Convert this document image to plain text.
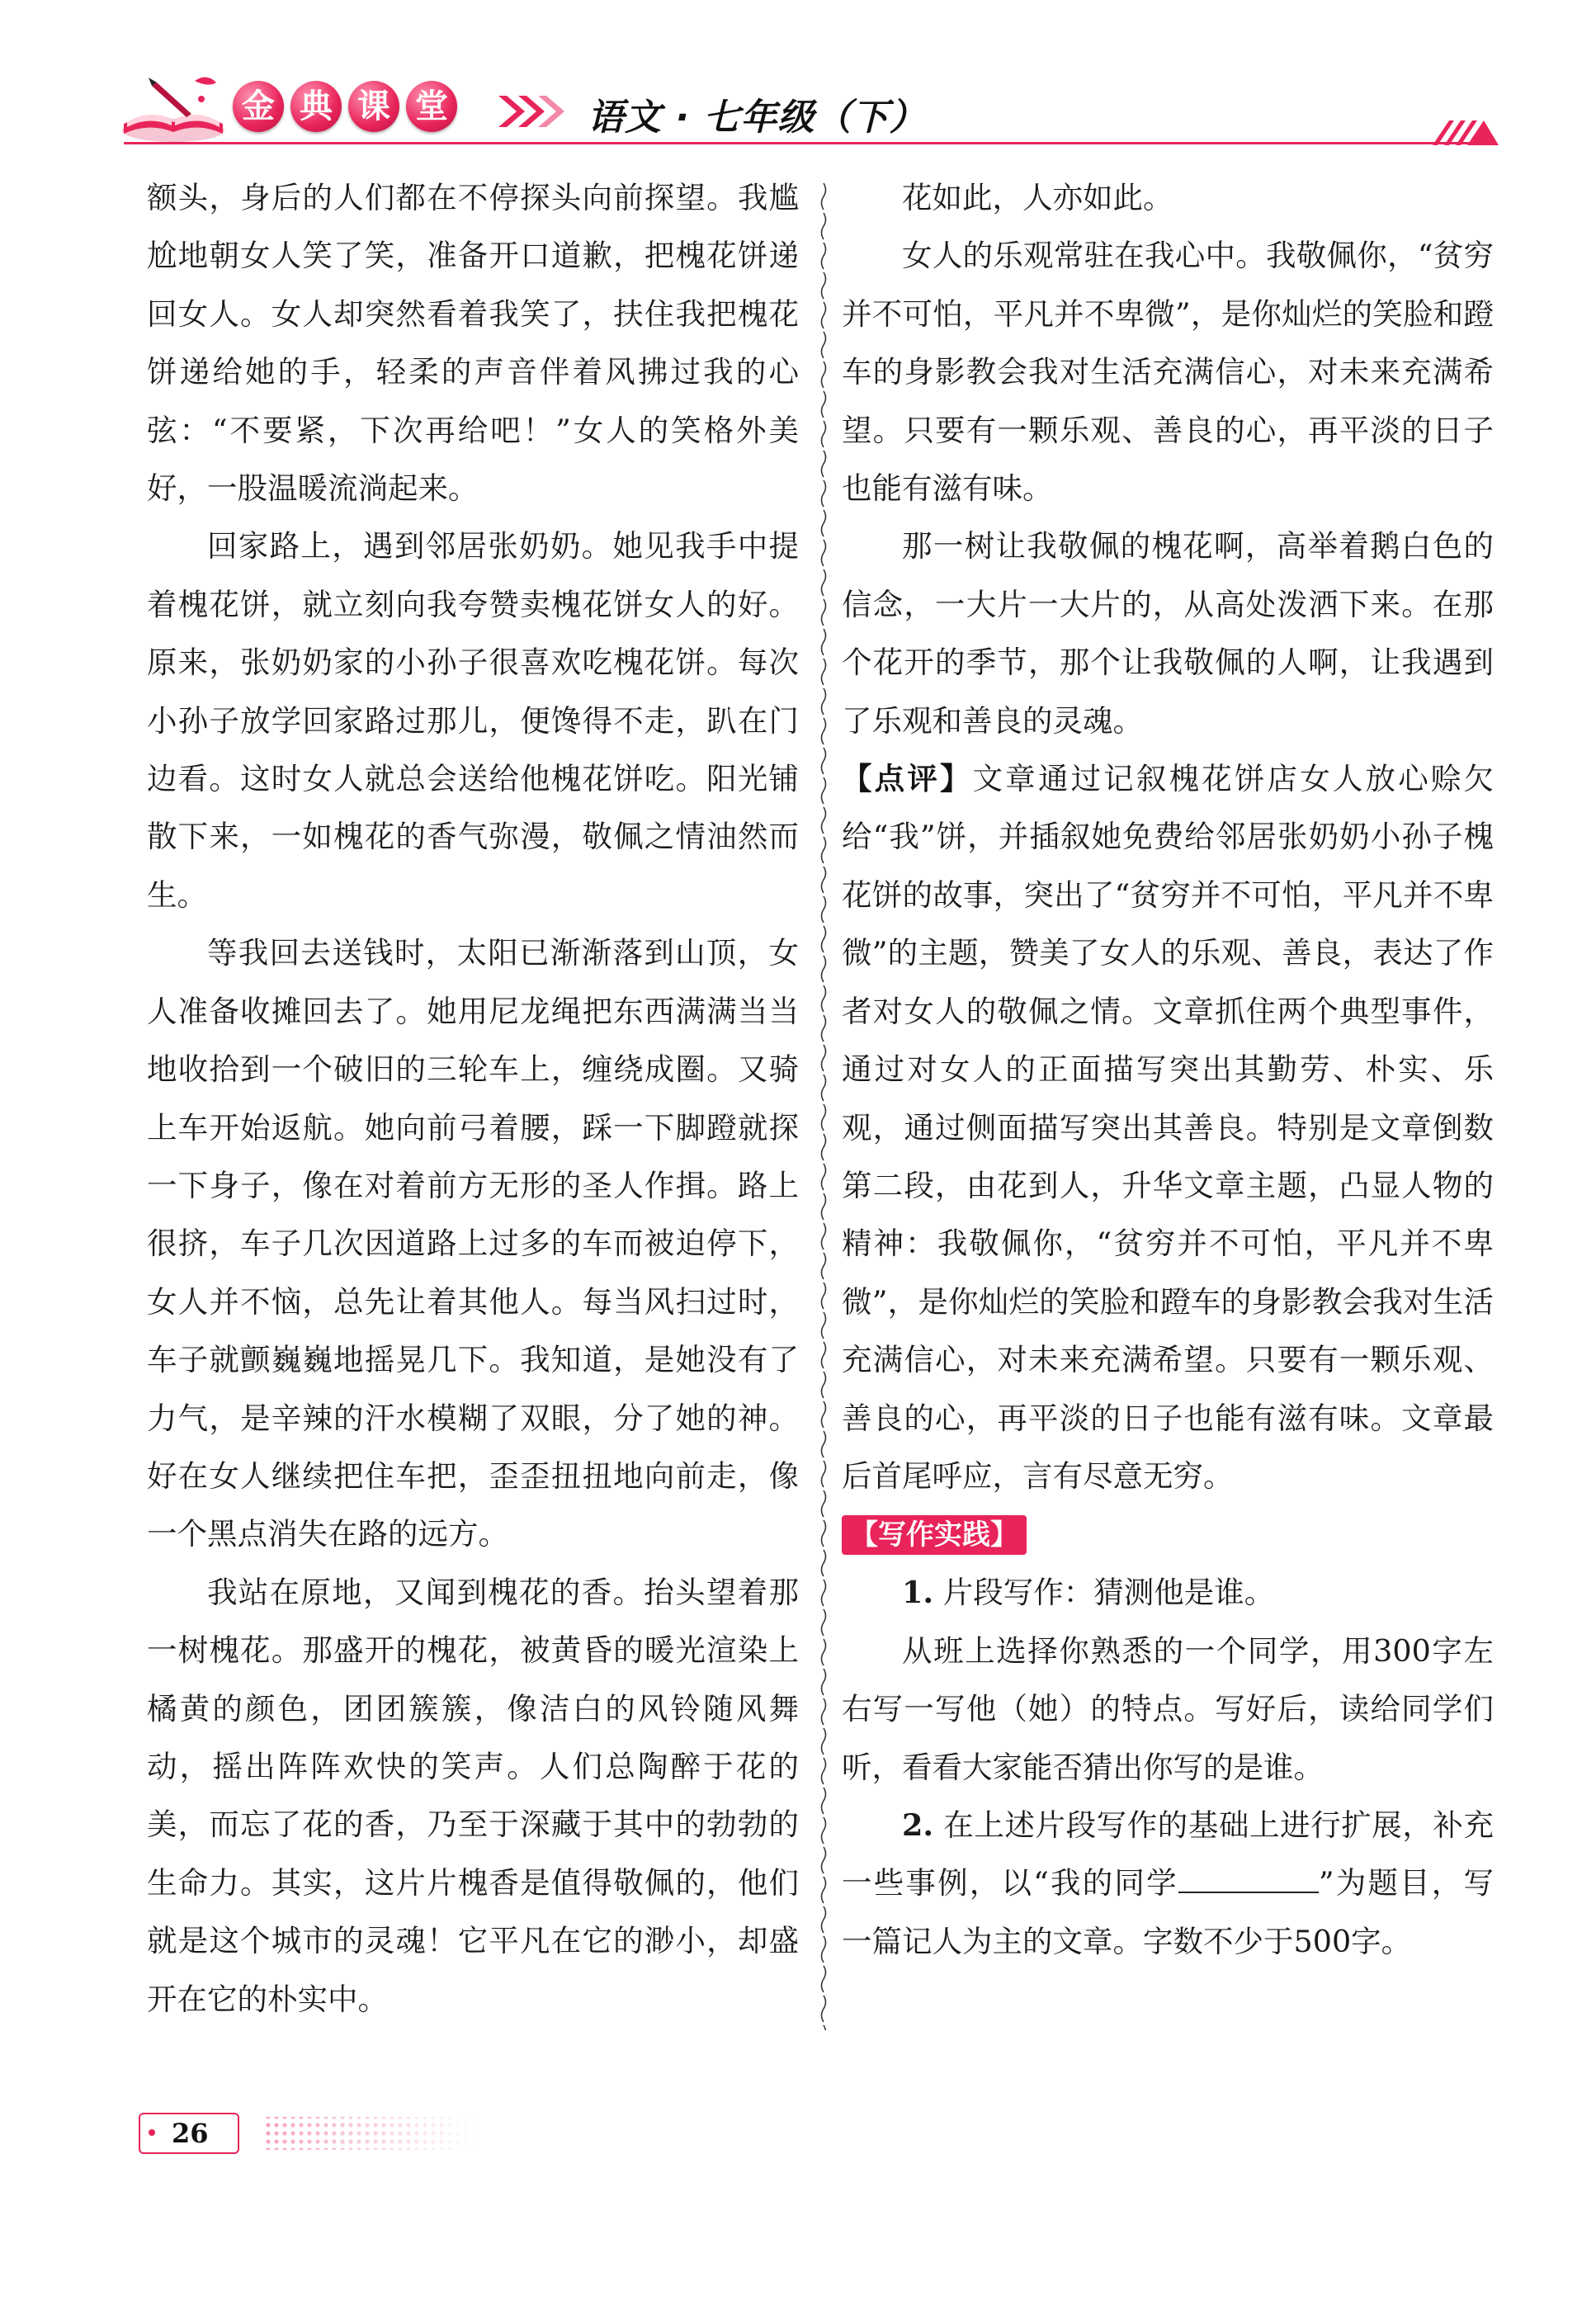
金 典 课 堂	语文 · 七年级（下）

额头，身后的人们都在不停探头向前探望。我尴尬地朝女人笑了笑，准备开口道歉，把槐花饼递回女人。女人却突然看着我笑了，扶住我把槐花饼递给她的手，轻柔的声音伴着风拂过我的心弦：“不要紧，下次再给吧！”女人的笑格外美好，一股温暖流淌起来。

回家路上，遇到邻居张奶奶。她见我手中提着槐花饼，就立刻向我夸赞卖槐花饼女人的好。原来，张奶奶家的小孙子很喜欢吃槐花饼。每次小孙子放学回家路过那儿，便馋得不走，趴在门边看。这时女人就总会送给他槐花饼吃。阳光铺散下来，一如槐花的香气弥漫，敬佩之情油然而生。

等我回去送钱时，太阳已渐渐落到山顶，女人准备收摊回去了。她用尼龙绳把东西满满当当地收拾到一个破旧的三轮车上，缠绕成圈。又骑上车开始返航。她向前弓着腰，踩一下脚蹬就探一下身子，像在对着前方无形的圣人作揖。路上很挤，车子几次因道路上过多的车而被迫停下，女人并不恼，总先让着其他人。每当风扫过时，车子就颤巍巍地摇晃几下。我知道，是她没有了力气，是辛辣的汗水模糊了双眼，分了她的神。好在女人继续把住车把，歪歪扭扭地向前走，像一个黑点消失在路的远方。

我站在原地，又闻到槐花的香。抬头望着那一树槐花。那盛开的槐花，被黄昏的暖光渲染上橘黄的颜色，团团簇簇，像洁白的风铃随风舞动，摇出阵阵欢快的笑声。人们总陶醉于花的美，而忘了花的香，乃至于深藏于其中的勃勃的生命力。其实，这片片槐香是值得敬佩的，他们就是这个城市的灵魂！它平凡在它的渺小，却盛开在它的朴实中。

花如此，人亦如此。

女人的乐观常驻在我心中。我敬佩你，“贫穷并不可怕，平凡并不卑微”，是你灿烂的笑脸和蹬车的身影教会我对生活充满信心，对未来充满希望。只要有一颗乐观、善良的心，再平淡的日子也能有滋有味。

那一树让我敬佩的槐花啊，高举着鹅白色的信念，一大片一大片的，从高处泼洒下来。在那个花开的季节，那个让我敬佩的人啊，让我遇到了乐观和善良的灵魂。

【点评】文章通过记叙槐花饼店女人放心赊欠给“我”饼，并插叙她免费给邻居张奶奶小孙子槐花饼的故事，突出了“贫穷并不可怕，平凡并不卑微”的主题，赞美了女人的乐观、善良，表达了作者对女人的敬佩之情。文章抓住两个典型事件，通过对女人的正面描写突出其勤劳、朴实、乐观，通过侧面描写突出其善良。特别是文章倒数第二段，由花到人，升华文章主题，凸显人物的精神：我敬佩你，“贫穷并不可怕，平凡并不卑微”，是你灿烂的笑脸和蹬车的身影教会我对生活充满信心，对未来充满希望。只要有一颗乐观、善良的心，再平淡的日子也能有滋有味。文章最后首尾呼应，言有尽意无穷。

【写作实践】

1. 片段写作：猜测他是谁。

从班上选择你熟悉的一个同学，用300字左右写一写他（她）的特点。写好后，读给同学们听，看看大家能否猜出你写的是谁。

2. 在上述片段写作的基础上进行扩展，补充一些事例，以“我的同学	”为题目，写一篇记人为主的文章。字数不少于500字。

26
